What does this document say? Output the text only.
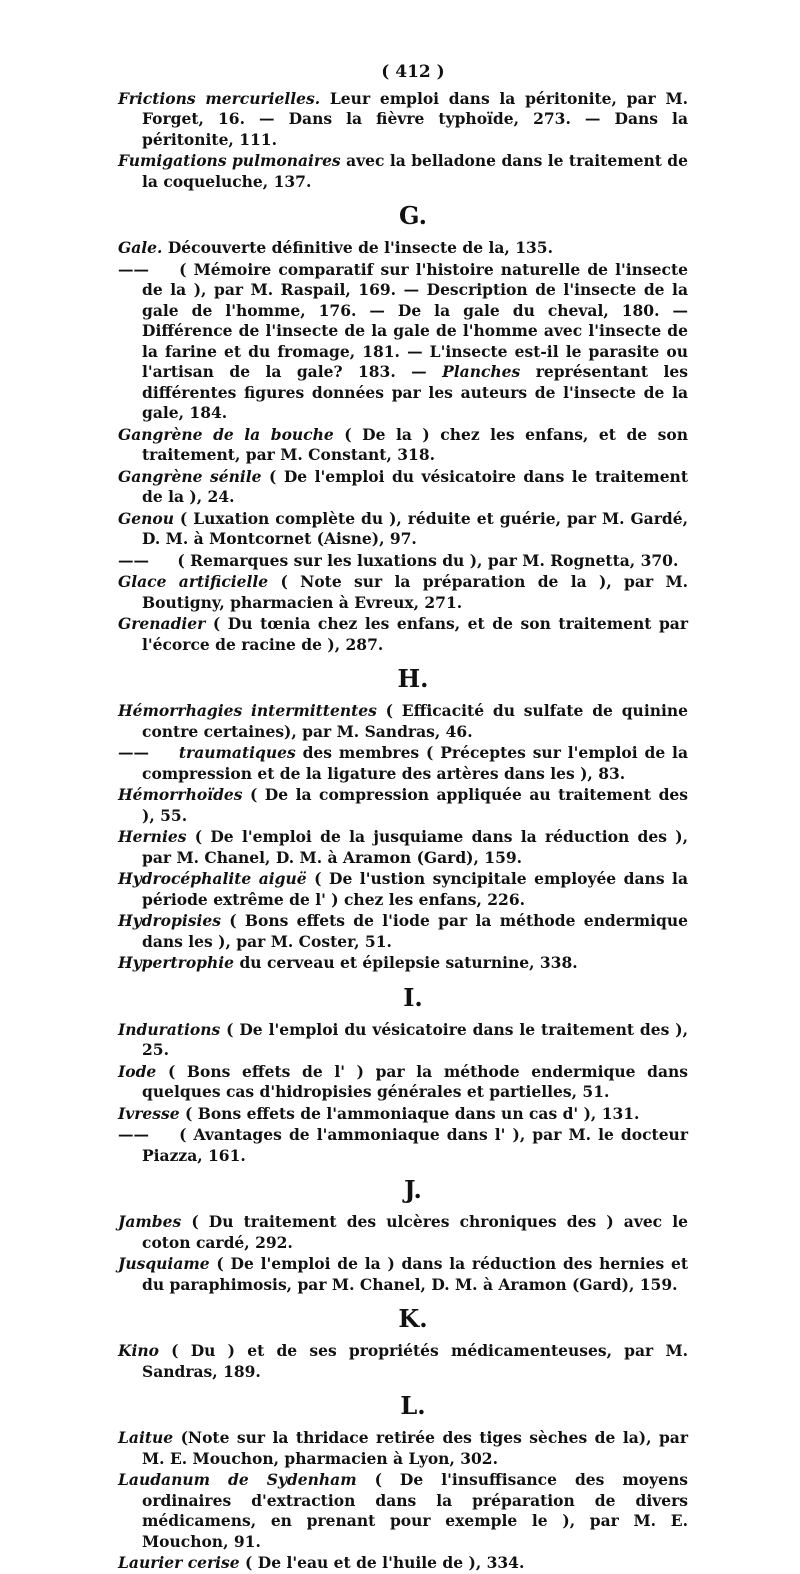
( 412 )
Frictions mercurielles. Leur emploi dans la péritonite, par M. Forget, 16. — Dans la fièvre typhoïde, 273. — Dans la péritonite, 111.
Fumigations pulmonaires avec la belladone dans le traitement de la coqueluche, 137.
G.
Gale. Découverte définitive de l'insecte de la, 135.
—— ( Mémoire comparatif sur l'histoire naturelle de l'insecte de la ), par M. Raspail, 169. — Description de l'insecte de la gale de l'homme, 176. — De la gale du cheval, 180. — Différence de l'insecte de la gale de l'homme avec l'insecte de la farine et du fromage, 181. — L'insecte est-il le parasite ou l'artisan de la gale? 183. — Planches représentant les différentes figures données par les auteurs de l'insecte de la gale, 184.
Gangrène de la bouche ( De la ) chez les enfans, et de son traitement, par M. Constant, 318.
Gangrène sénile ( De l'emploi du vésicatoire dans le traitement de la ), 24.
Genou ( Luxation complète du ), réduite et guérie, par M. Gardé, D. M. à Montcornet (Aisne), 97.
—— ( Remarques sur les luxations du ), par M. Rognetta, 370.
Glace artificielle ( Note sur la préparation de la ), par M. Boutigny, pharmacien à Evreux, 271.
Grenadier ( Du tœnia chez les enfans, et de son traitement par l'écorce de racine de ), 287.
H.
Hémorrhagies intermittentes ( Efficacité du sulfate de quinine contre certaines), par M. Sandras, 46.
—— traumatiques des membres ( Préceptes sur l'emploi de la compression et de la ligature des artères dans les ), 83.
Hémorrhoïdes ( De la compression appliquée au traitement des ), 55.
Hernies ( De l'emploi de la jusquiame dans la réduction des ), par M. Chanel, D. M. à Aramon (Gard), 159.
Hydrocéphalite aiguë ( De l'ustion syncipitale employée dans la période extrême de l' ) chez les enfans, 226.
Hydropisies ( Bons effets de l'iode par la méthode endermique dans les ), par M. Coster, 51.
Hypertrophie du cerveau et épilepsie saturnine, 338.
I.
Indurations ( De l'emploi du vésicatoire dans le traitement des ), 25.
Iode ( Bons effets de l' ) par la méthode endermique dans quelques cas d'hidropisies générales et partielles, 51.
Ivresse ( Bons effets de l'ammoniaque dans un cas d' ), 131.
—— ( Avantages de l'ammoniaque dans l' ), par M. le docteur Piazza, 161.
J.
Jambes ( Du traitement des ulcères chroniques des ) avec le coton cardé, 292.
Jusquiame ( De l'emploi de la ) dans la réduction des hernies et du paraphimosis, par M. Chanel, D. M. à Aramon (Gard), 159.
K.
Kino ( Du ) et de ses propriétés médicamenteuses, par M. Sandras, 189.
L.
Laitue (Note sur la thridace retirée des tiges sèches de la), par M. E. Mouchon, pharmacien à Lyon, 302.
Laudanum de Sydenham ( De l'insuffisance des moyens ordinaires d'extraction dans la préparation de divers médicamens, en prenant pour exemple le ), par M. E. Mouchon, 91.
Laurier cerise ( De l'eau et de l'huile de ), 334.
